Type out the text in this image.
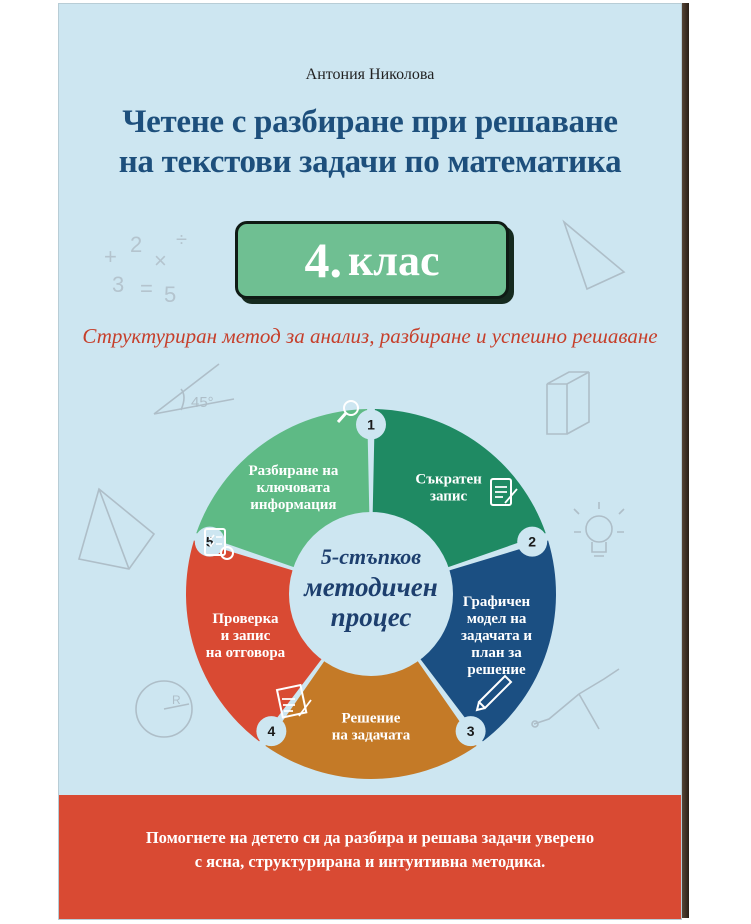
+ 2
×
3 = 5
÷
45°
R
Антония Николова
Четене с разбиране при решаване
на текстови задачи по математика
4. клас
Структуриран метод за анализ, разбиране и успешно решаване
5-стъпков
методичен
процес
1
2
3
4
5
Разбиране на ключовата информация
Съкратен запис
Графичен модел на задачата и план за решение
Решение на задачата
Проверка и запис на отговора
Помогнете на детето си да разбира и решава задачи уверено
с ясна, структурирана и интуитивна методика.
